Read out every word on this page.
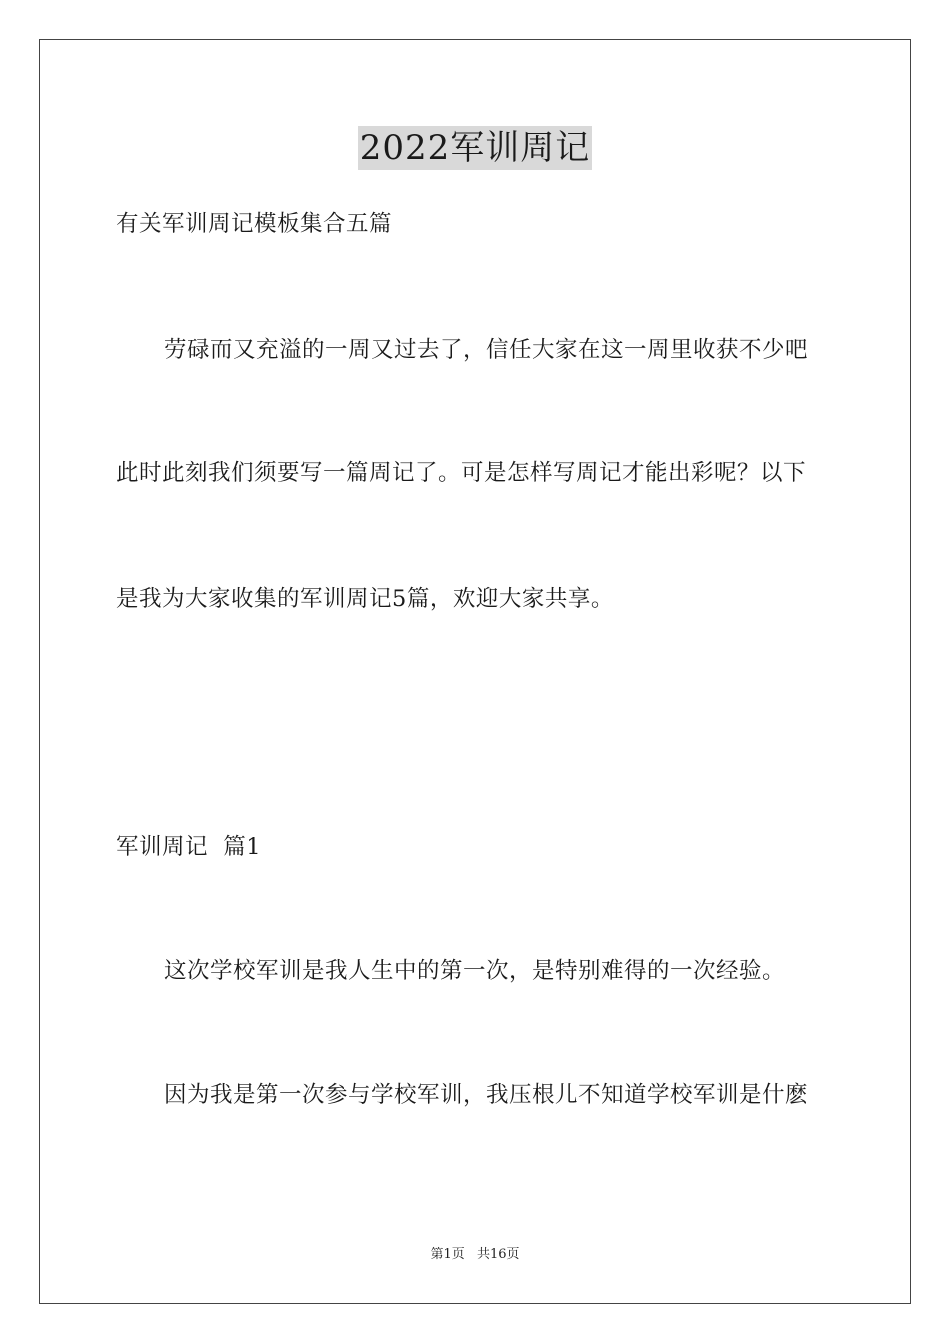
2022军训周记
有关军训周记模板集合五篇
劳碌而又充溢的一周又过去了，信任大家在这一周里收获不少吧
此时此刻我们须要写一篇周记了。可是怎样写周记才能出彩呢？以下
是我为大家收集的军训周记5篇，欢迎大家共享。
军训周记  篇1
这次学校军训是我人生中的第一次，是特别难得的一次经验。
因为我是第一次参与学校军训，我压根儿不知道学校军训是什麽
第1页 共16页
